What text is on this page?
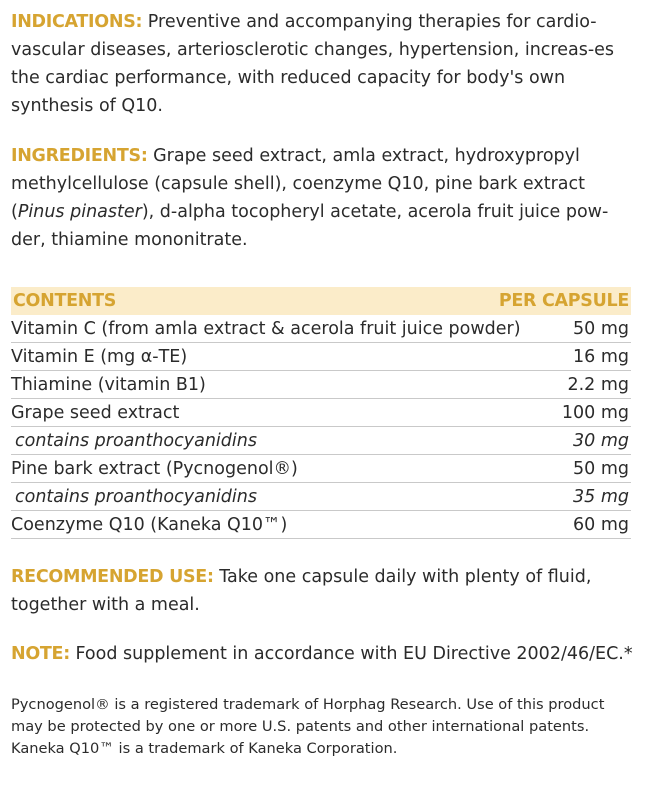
INDICATIONS: Preventive and accompanying therapies for cardio-vascular diseases, arteriosclerotic changes, hypertension, increas-es the cardiac performance, with reduced capacity for body's own synthesis of Q10.

INGREDIENTS: Grape seed extract, amla extract, hydroxypropyl methylcellulose (capsule shell), coenzyme Q10, pine bark extract (Pinus pinaster), d-alpha tocopheryl acetate, acerola fruit juice pow-der, thiamine mononitrate.

CONTENTS	PER CAPSULE
Vitamin C (from amla extract & acerola fruit juice powder)	50 mg
Vitamin E (mg α-TE)	16 mg
Thiamine (vitamin B1)	2.2 mg
Grape seed extract	100 mg
contains proanthocyanidins	30 mg
Pine bark extract (Pycnogenol®)	50 mg
contains proanthocyanidins	35 mg
Coenzyme Q10 (Kaneka Q10™)	60 mg

RECOMMENDED USE: Take one capsule daily with plenty of fluid, together with a meal.

NOTE: Food supplement in accordance with EU Directive 2002/46/EC.*

Pycnogenol® is a registered trademark of Horphag Research. Use of this product may be protected by one or more U.S. patents and other international patents. Kaneka Q10™ is a trademark of Kaneka Corporation.
